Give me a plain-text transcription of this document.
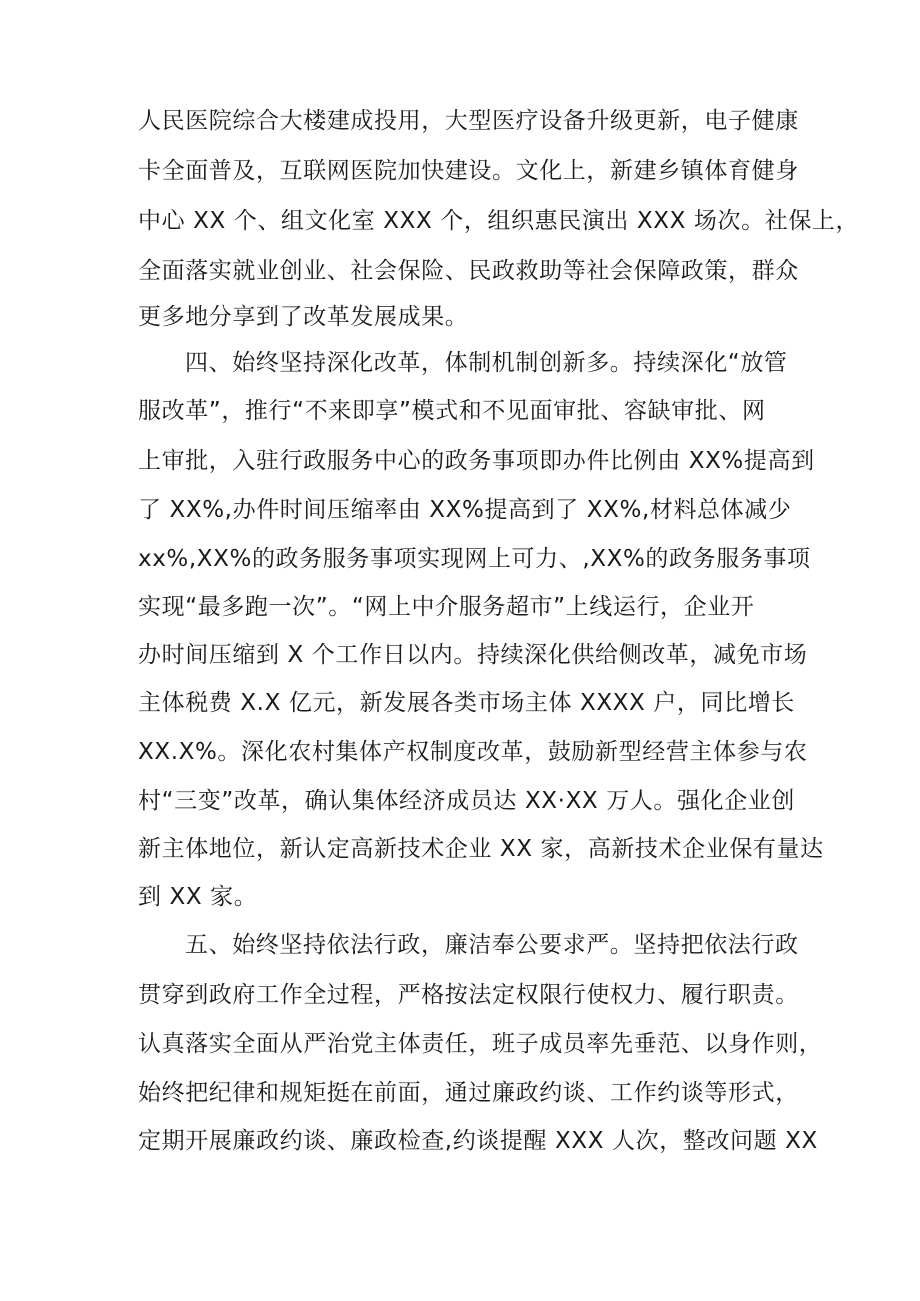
人民医院综合大楼建成投用，大型医疗设备升级更新，电子健康
卡全面普及，互联网医院加快建设。文化上，新建乡镇体育健身
中心 XX 个、组文化室 XXX 个，组织惠民演出 XXX 场次。社保上，
全面落实就业创业、社会保险、民政救助等社会保障政策，群众
更多地分享到了改革发展成果。
四、始终坚持深化改革，体制机制创新多。持续深化“放管
服改革”，推行“不来即享”模式和不见面审批、容缺审批、网
上审批，入驻行政服务中心的政务事项即办件比例由 XX%提高到
了 XX%,办件时间压缩率由 XX%提高到了 XX%,材料总体减少
xx%,XX%的政务服务事项实现网上可力、,XX%的政务服务事项
实现“最多跑一次”。“网上中介服务超市”上线运行，企业开
办时间压缩到 X 个工作日以内。持续深化供给侧改革，减免市场
主体税费 X.X 亿元，新发展各类市场主体 XXXX 户，同比增长
XX.X%。深化农村集体产权制度改革，鼓励新型经营主体参与农
村“三变”改革，确认集体经济成员达 XX·XX 万人。强化企业创
新主体地位，新认定高新技术企业 XX 家，高新技术企业保有量达
到 XX 家。
五、始终坚持依法行政，廉洁奉公要求严。坚持把依法行政
贯穿到政府工作全过程，严格按法定权限行使权力、履行职责。
认真落实全面从严治党主体责任，班子成员率先垂范、以身作则，
始终把纪律和规矩挺在前面，通过廉政约谈、工作约谈等形式，
定期开展廉政约谈、廉政检查,约谈提醒 XXX 人次，整改问题 XX
